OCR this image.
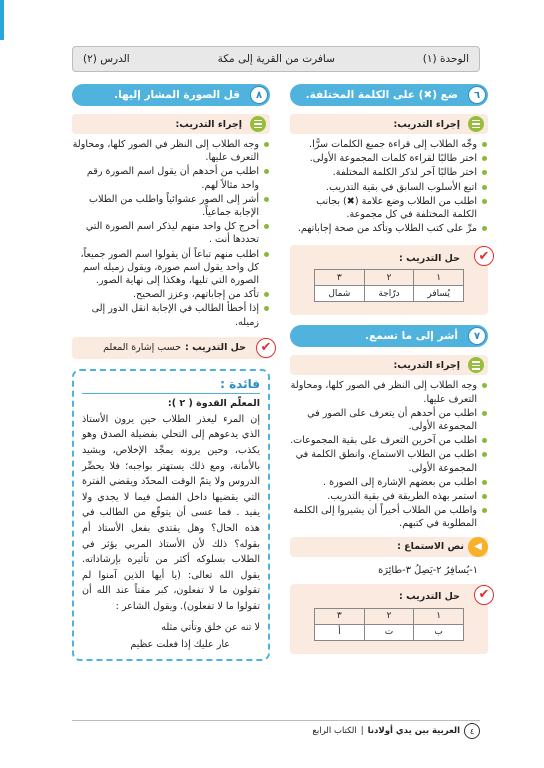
الوحدة (١)
سافرت من القرية إلى مكة
الدرس (٢)
٦
ضع (✖) على الكلمة المختلفة.
إجراء التدريب:
وجِّه الطلاب إلى قراءة جميع الكلمات سرًّا.
اختر طالبًا لقراءة كلمات المجموعة الأولى.
اختر طالبًا آخر لذكر الكلمة المختلفة.
اتبع الأسلوب السابق في بقية التدريب.
اطلب من الطلاب وضع علامة (✖) بجانب الكلمة المختلفة في كل مجموعة.
مرِّ على كتب الطلاب وتأكد من صحة إجاباتهم.
✔
حل التدريب :
١	٢	٣
يُسافر	درّاجة	شمال
٧
أشر إلى ما تسمع.
إجراء التدريب:
وجه الطلاب إلى النظر في الصور كلها، ومحاولة التعرف عليها.
اطلب من أحدهم أن يتعرف على الصور في المجموعة الأولى.
اطلب من آخرين التعرف على بقية المجموعات.
اطلب من الطلاب الاستماع، وانطق الكلمة في المجموعة الأولى.
اطلب من بعضهم الإشارة إلى الصورة .
استمر بهذه الطريقة في بقية التدريب.
واطلب من الطلاب أخيراً أن يشيروا إلى الكلمة المطلوبة في كتبهم.
◀
نص الاستماع :
١-يُسافِرُ ٢-يَصِلُ ٣-طائِرَة
✔
حل التدريب :
١	٢	٣
ب	ت	أ
٨
قل الصورة المشار إليها.
إجراء التدريب:
وجه الطلاب إلى النظر في الصور كلها، ومحاولة التعرف عليها.
اطلب من أحدهم أن يقول اسم الصورة رقم واحد مثالاً لهم.
أشر إلى الصور عشوائياً واطلب من الطلاب الإجابة جماعياً.
أخرج كل واحد منهم ليذكر اسم الصورة التي تحددها أنت .
اطلب منهم تباعاً أن يقولوا اسم الصور جميعاً، كل واحد يقول اسم صورة، ويقول زميله اسم الصورة التي تليها، وهكذا إلى نهاية الصور.
تأكد من إجاباتهم، وعزز الصحيح.
إذا أخطأ الطالب في الإجابة انقل الدور إلى زميله.
✔
حل التدريب :
حسب إشارة المعلم
فائدة :
المعلّم القدوة ( ٢ ):

إن المرء ليعذر الطلاب حين يرون الأستاذ الذي يدعوهم إلى التحلي بفضيلة الصدق وهو يكذب، وحين يرونه يمجِّد الإخلاص، ويشيد بالأمانة، ومع ذلك يستهتر بواجبه؛ فلا يحضِّر الدروس ولا يتمّ الوقت المحدّد ويقضي الفترة التي يقضيها داخل الفصل فيما لا يجدي ولا يفيد . فما عسى أن يتوقّع من الطالب في هذه الحال؟ وهل يقتدي بفعل الأستاذ أم بقوله؟ ذلك لأن الأستاذ المربي يؤثر في الطلاب بسلوكه أكثر من تأثيره بإرشاداته. يقول الله تعالى: (يا أيها الذين آمنوا لم تقولون ما لا تفعلون، كبر مقتاً عند الله أن تقولوا ما لا تفعلون). ويقول الشاعر :

لا تنه عن خلق وتأتي مثله
عار عليك إذا فعلت عظيم
٤
العربية بين يدي أولادنا
|
الكتاب الرابع
